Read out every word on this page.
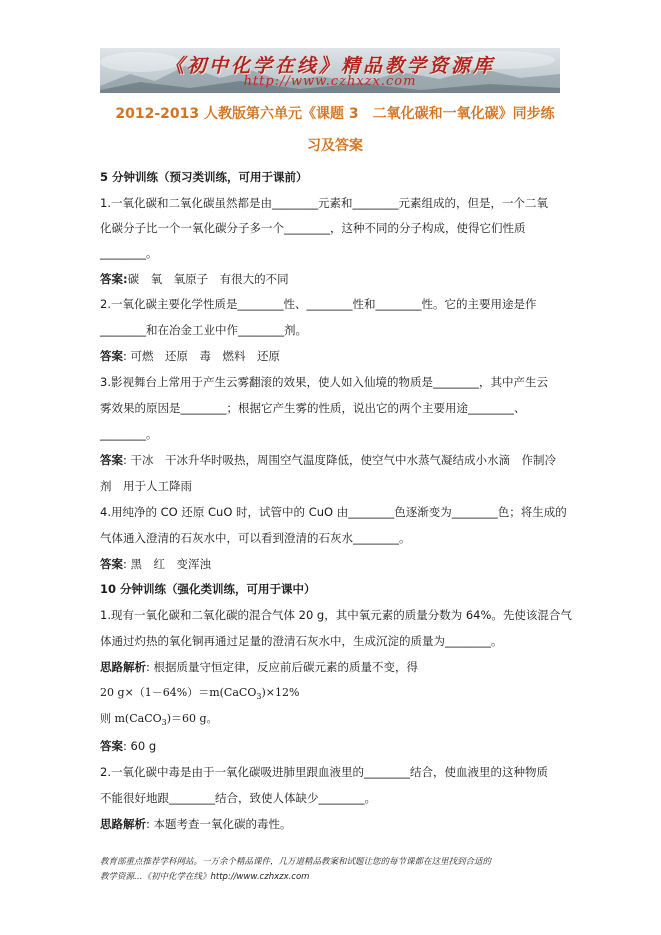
《初中化学在线》精品教学资源库
http://www.czhxzx.com
2012-2013 人教版第六单元《课题 3　二氧化碳和一氧化碳》同步练
习及答案
5 分钟训练（预习类训练，可用于课前）
1.一氧化碳和二氧化碳虽然都是由________元素和________元素组成的，但是，一个二氧
化碳分子比一个一氧化碳分子多一个________，这种不同的分子构成，使得它们性质
________。
答案:碳　氧　氧原子　有很大的不同
2.一氧化碳主要化学性质是________性、________性和________性。它的主要用途是作
________和在冶金工业中作________剂。
答案: 可燃　还原　毒　燃料　还原
3.影视舞台上常用于产生云雾翻滚的效果，使人如入仙境的物质是________，其中产生云
雾效果的原因是________；根据它产生雾的性质，说出它的两个主要用途________、
________。
答案: 干冰　干冰升华时吸热，周围空气温度降低，使空气中水蒸气凝结成小水滴　作制冷
剂　用于人工降雨
4.用纯净的 CO 还原 CuO 时，试管中的 CuO 由________色逐渐变为________色；将生成的
气体通入澄清的石灰水中，可以看到澄清的石灰水________。
答案: 黑　红　变浑浊
10 分钟训练（强化类训练，可用于课中）
1.现有一氧化碳和二氧化碳的混合气体 20 g，其中氧元素的质量分数为 64%。先使该混合气
体通过灼热的氧化铜再通过足量的澄清石灰水中，生成沉淀的质量为________。
思路解析: 根据质量守恒定律，反应前后碳元素的质量不变，得
20 g×（1－64%）＝m(CaCO$_3$)×12%
则 m(CaCO$_3$)＝60 g。
答案: 60 g
2.一氧化碳中毒是由于一氧化碳吸进肺里跟血液里的________结合，使血液里的这种物质
不能很好地跟________结合，致使人体缺少________。
思路解析: 本题考查一氧化碳的毒性。
教育部重点推荐学科网站。一万余个精品课件，几万道精品教案和试题让您的每节课都在这里找到合适的
教学资源…《初中化学在线》http://www.czhxzx.com
